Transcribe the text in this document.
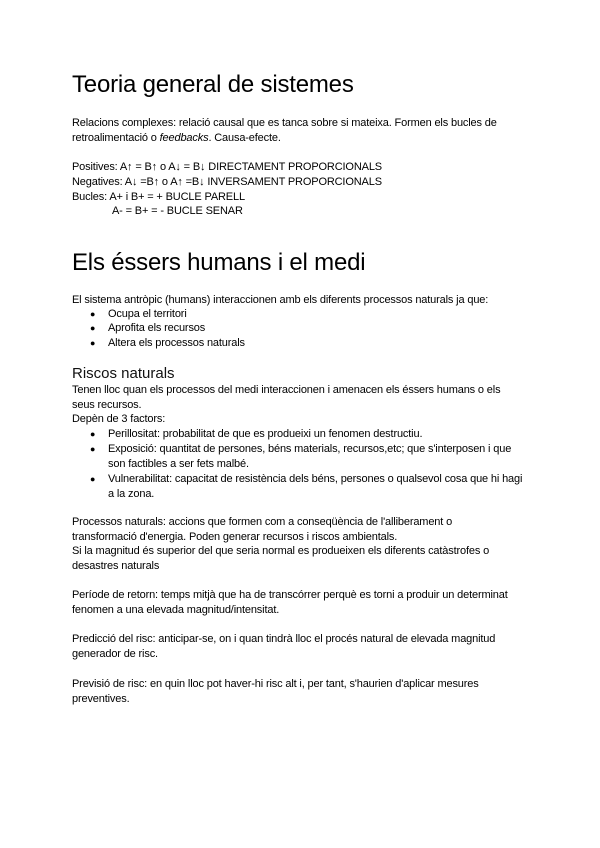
Teoria general de sistemes

Relacions complexes: relació causal que es tanca sobre si mateixa. Formen els bucles de retroalimentació o feedbacks. Causa-efecte.

Positives: A↑ = B↑ o A↓ = B↓ DIRECTAMENT PROPORCIONALS
Negatives: A↓ =B↑ o A↑ =B↓ INVERSAMENT PROPORCIONALS
Bucles: A+ i B+ = + BUCLE PARELL
A- = B+ = - BUCLE SENAR
Els éssers humans i el medi
El sistema antròpic (humans) interaccionen amb els diferents processos naturals ja que:
●	Ocupa el territori
●	Aprofita els recursos
●	Altera els processos naturals
Riscos naturals

Tenen lloc quan els processos del medi interaccionen i amenacen els éssers humans o els seus recursos.

Depèn de 3 factors:
●	Perillositat: probabilitat de que es produeixi un fenomen destructiu.
●	Exposició: quantitat de persones, béns materials, recursos,etc; que s'interposen i que son factibles a ser fets malbé.
●	Vulnerabilitat: capacitat de resistència dels béns, persones o qualsevol cosa que hi hagi a la zona.

Processos naturals: accions que formen com a conseqüència de l'alliberament o transformació d'energia. Poden generar recursos i riscos ambientals.

Si la magnitud és superior del que seria normal es produeixen els diferents catàstrofes o desastres naturals

Període de retorn: temps mitjà que ha de transcórrer perquè es torni a produir un determinat fenomen a una elevada magnitud/intensitat.

Predicció del risc: anticipar-se, on i quan tindrà lloc el procés natural de elevada magnitud generador de risc.

Previsió de risc: en quin lloc pot haver-hi risc alt i, per tant, s'haurien d'aplicar mesures preventives.
